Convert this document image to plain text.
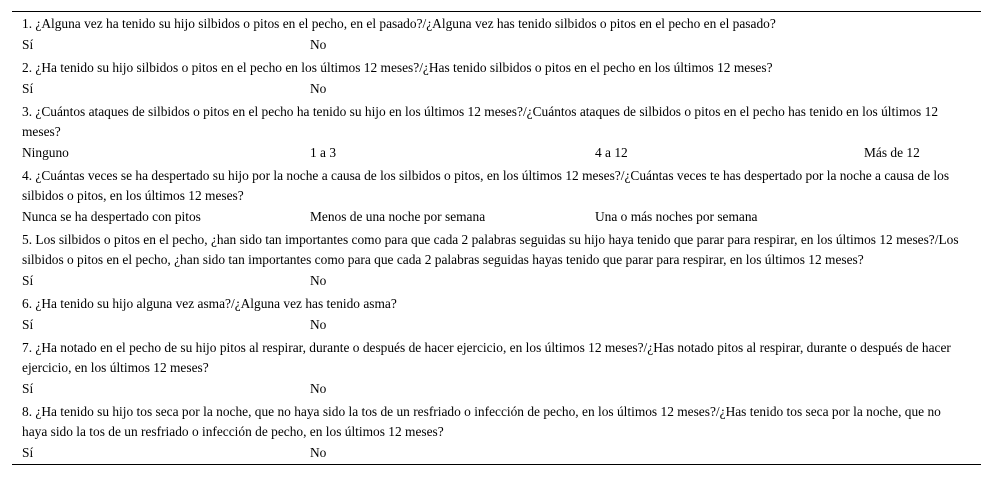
1. ¿Alguna vez ha tenido su hijo silbidos o pitos en el pecho, en el pasado?/¿Alguna vez has tenido silbidos o pitos en el pecho en el pasado?
Sí	No
2. ¿Ha tenido su hijo silbidos o pitos en el pecho en los últimos 12 meses?/¿Has tenido silbidos o pitos en el pecho en los últimos 12 meses?
Sí	No
3. ¿Cuántos ataques de silbidos o pitos en el pecho ha tenido su hijo en los últimos 12 meses?/¿Cuántos ataques de silbidos o pitos en el pecho has tenido en los últimos 12 meses?
Ninguno	1 a 3	4 a 12	Más de 12
4. ¿Cuántas veces se ha despertado su hijo por la noche a causa de los silbidos o pitos, en los últimos 12 meses?/¿Cuántas veces te has despertado por la noche a causa de los silbidos o pitos, en los últimos 12 meses?
Nunca se ha despertado con pitos	Menos de una noche por semana	Una o más noches por semana
5. Los silbidos o pitos en el pecho, ¿han sido tan importantes como para que cada 2 palabras seguidas su hijo haya tenido que parar para respirar, en los últimos 12 meses?/Los silbidos o pitos en el pecho, ¿han sido tan importantes como para que cada 2 palabras seguidas hayas tenido que parar para respirar, en los últimos 12 meses?
Sí	No
6. ¿Ha tenido su hijo alguna vez asma?/¿Alguna vez has tenido asma?
Sí	No
7. ¿Ha notado en el pecho de su hijo pitos al respirar, durante o después de hacer ejercicio, en los últimos 12 meses?/¿Has notado pitos al respirar, durante o después de hacer ejercicio, en los últimos 12 meses?
Sí	No
8. ¿Ha tenido su hijo tos seca por la noche, que no haya sido la tos de un resfriado o infección de pecho, en los últimos 12 meses?/¿Has tenido tos seca por la noche, que no haya sido la tos de un resfriado o infección de pecho, en los últimos 12 meses?
Sí	No
